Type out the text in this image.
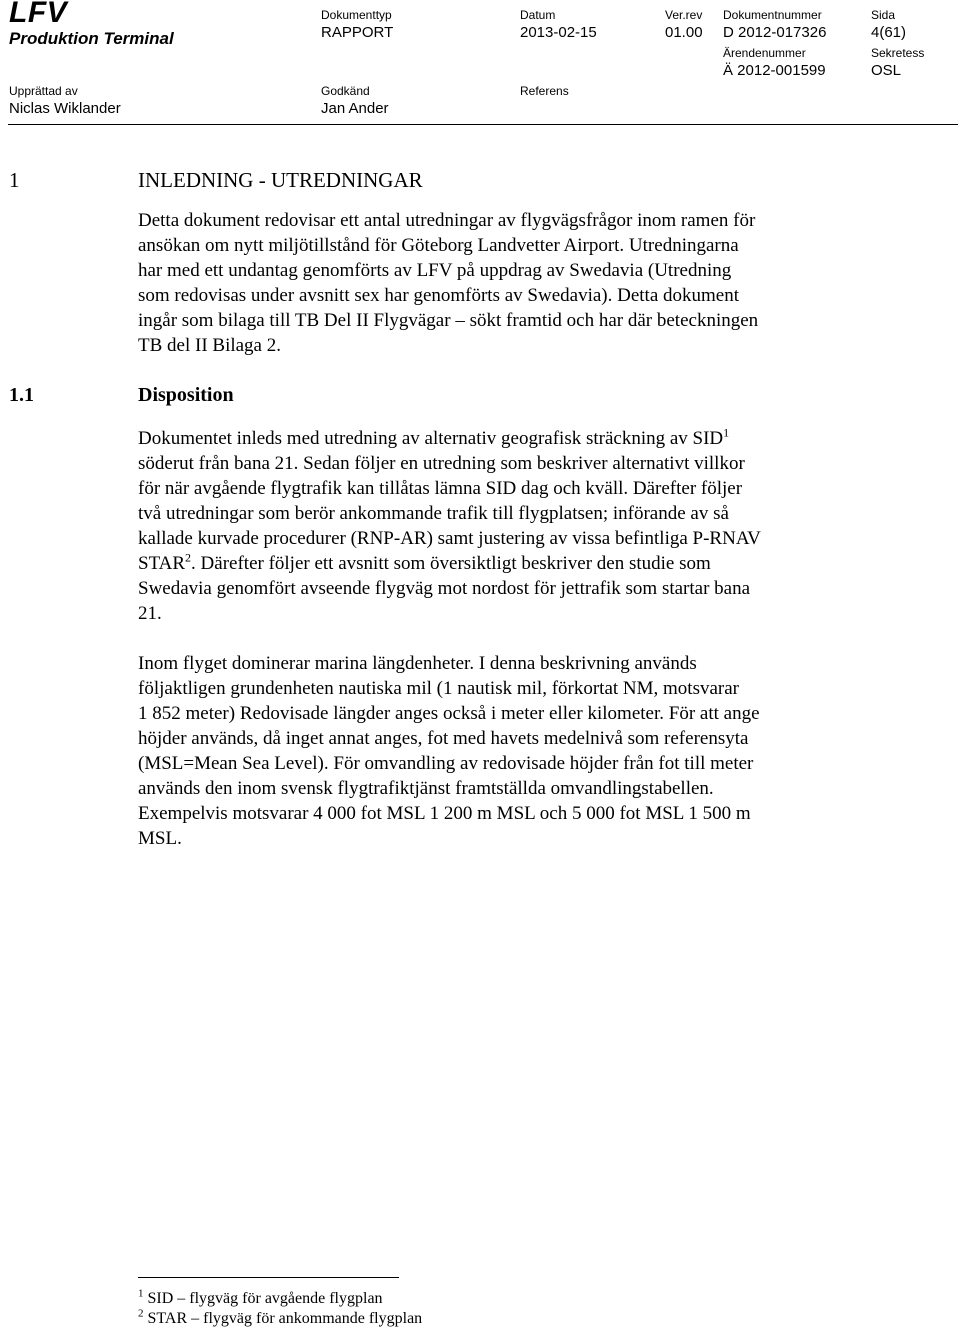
LFV
Produktion Terminal
Dokumenttyp
RAPPORT
Datum
2013-02-15
Ver.rev
01.00
Dokumentnummer
D 2012-017326
Sida
4(61)
Ärendenummer
Ä 2012-001599
Sekretess
OSL
Upprättad av
Niclas Wiklander
Godkänd
Jan Ander
Referens
1	INLEDNING - UTREDNINGAR
Detta dokument redovisar ett antal utredningar av flygvägsfrågor inom ramen för
ansökan om nytt miljötillstånd för Göteborg Landvetter Airport. Utredningarna
har med ett undantag genomförts av LFV på uppdrag av Swedavia (Utredning
som redovisas under avsnitt sex har genomförts av Swedavia). Detta dokument
ingår som bilaga till TB Del II Flygvägar – sökt framtid och har där beteckningen
TB del II Bilaga 2.
1.1	Disposition
Dokumentet inleds med utredning av alternativ geografisk sträckning av SID$^1$
söderut från bana 21. Sedan följer en utredning som beskriver alternativt villkor
för när avgående flygtrafik kan tillåtas lämna SID dag och kväll. Därefter följer
två utredningar som berör ankommande trafik till flygplatsen; införande av så
kallade kurvade procedurer (RNP-AR) samt justering av vissa befintliga P-RNAV
STAR$^2$. Därefter följer ett avsnitt som översiktligt beskriver den studie som
Swedavia genomfört avseende flygväg mot nordost för jettrafik som startar bana
21.
Inom flyget dominerar marina längdenheter. I denna beskrivning används
följaktligen grundenheten nautiska mil (1 nautisk mil, förkortat NM, motsvarar
1 852 meter) Redovisade längder anges också i meter eller kilometer. För att ange
höjder används, då inget annat anges, fot med havets medelnivå som referensyta
(MSL=Mean Sea Level). För omvandling av redovisade höjder från fot till meter
används den inom svensk flygtrafiktjänst framtställda omvandlingstabellen.
Exempelvis motsvarar 4 000 fot MSL 1 200 m MSL och 5 000 fot MSL 1 500 m
MSL.
$^1$ SID – flygväg för avgående flygplan
$^2$ STAR – flygväg för ankommande flygplan
